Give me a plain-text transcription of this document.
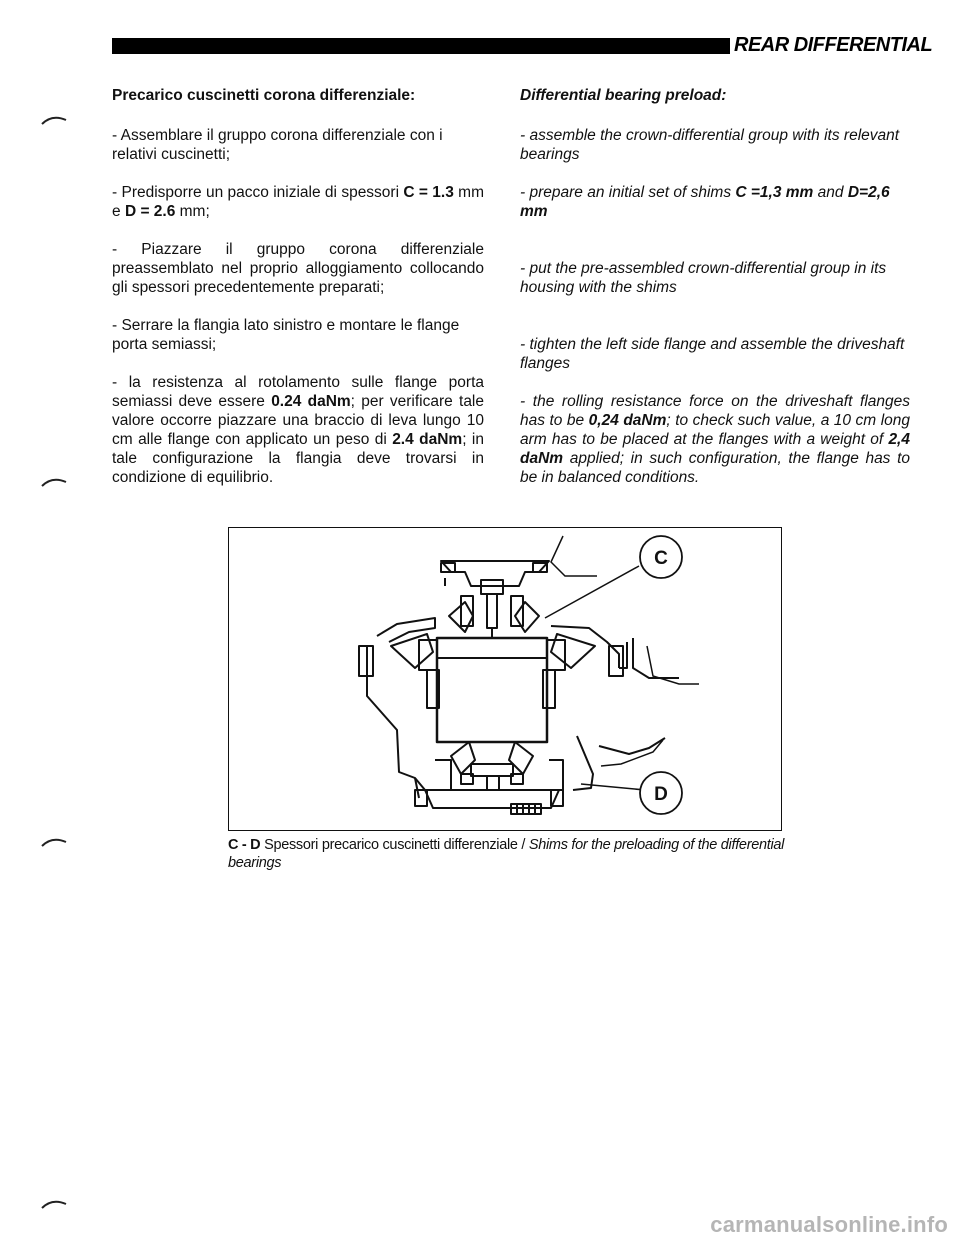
REAR DIFFERENTIAL
Precarico cuscinetti corona differenziale:

- Assemblare il gruppo corona differenziale con i relativi cuscinetti;

- Predisporre un pacco iniziale di spessori C = 1.3 mm e D = 2.6 mm;

- Piazzare il gruppo corona differenziale preassemblato nel proprio alloggiamento collocando gli spessori precedentemente preparati;

- Serrare la flangia lato sinistro e montare le flange porta semiassi;

- la resistenza al rotolamento sulle flange porta semiassi deve essere 0.24 daNm; per verificare tale valore occorre piazzare una braccio di leva lungo 10 cm alle flange con applicato un peso di 2.4 daNm; in tale configurazione la flangia deve trovarsi in condizione di equilibrio.

Differential bearing preload:

- assemble the crown-differential group with its relevant bearings

- prepare an initial set of shims C =1,3 mm and D=2,6 mm

- put the pre-assembled crown-differential group in its housing with the shims

- tighten the left side flange and assemble the driveshaft flanges

- the rolling resistance force on the driveshaft flanges has to be 0,24 daNm; to check such value, a 10 cm long arm has to be placed at the flanges with a weight of 2,4 daNm applied; in such configuration, the flange has to be in balanced conditions.

C
D
C - D Spessori precarico cuscinetti differenziale / Shims for the preloading of the differential bearings
carmanualsonline.info
